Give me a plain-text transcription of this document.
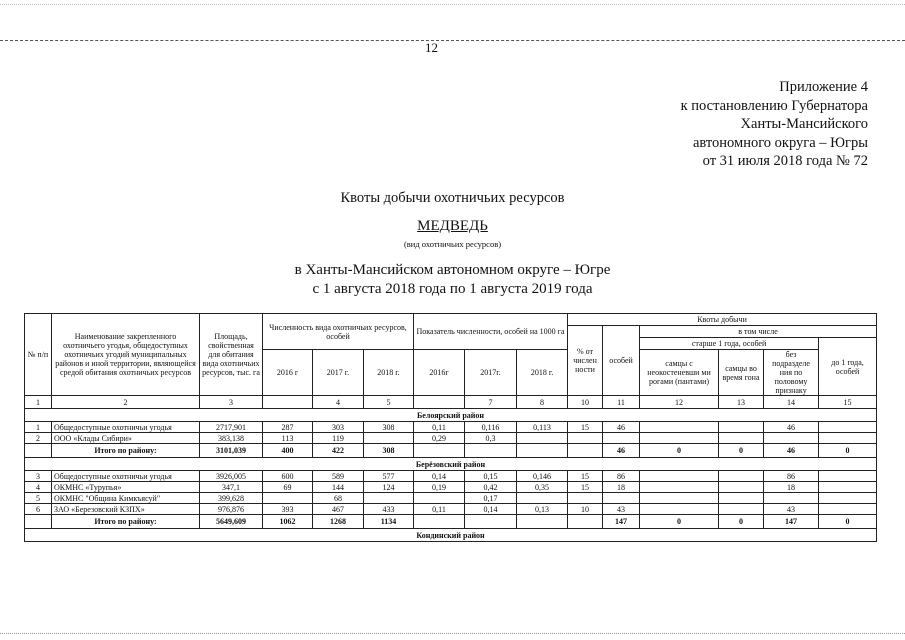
12
Приложение 4
к постановлению Губернатора
Ханты-Мансийского
автономного округа – Югры
от 31 июля 2018 года № 72
Квоты добычи охотничьих ресурсов
МЕДВЕДЬ
(вид охотничьих ресурсов)
в Ханты-Мансийском автономном округе – Югре
с 1 августа 2018 года по 1 августа 2019 года
№ п/п	Наименование закрепленного охотничьего угодья, общедоступных охотничьих угодий муниципальных районов и иной территории, являющейся средой обитания охотничьих ресурсов	Площадь, свойственная для обитания вида охотничьих ресурсов, тыс. га	Численность вида охотничьих ресурсов, особей			Показатель численности, особей на 1000 га			Квоты добычи					
									% от числен ности	особей	в том числе			
											старше 1 года, особей			до 1 года, особей
			2016 г	2017 г.	2018 г.	2016г	2017г.	2018 г.			самцы с неокостеневши ми рогами (пантами)	самцы во время гона	без подразделе ния по половому признаку	
1	2	3		4	5		7	8	10	11	12	13	14	15
Белоярский район														
1	Общедоступные охотничьи угодья	2717,901	287	303	308	0,11	0,116	0,113	15	46			46	
2	ООО «Клады Сибири»	383,138	113	119		0,29	0,3							
	Итого по району:	3101,039	400	422	308					46	0	0	46	0
Берёзовский район														
3	Общедоступные охотничьи угодья	3926,005	600	589	577	0,14	0,15	0,146	15	86			86	
4	ОКМНС «Турупья»	347,1	69	144	124	0,19	0,42	0,35	15	18			18	
5	ОКМНС "Община Кимкъясуй"	399,628		68			0,17							
6	ЗАО «Березовский КЗПХ»	976,876	393	467	433	0,11	0,14	0,13	10	43			43	
	Итого по району:	5649,609	1062	1268	1134					147	0	0	147	0
Кондинский район														
